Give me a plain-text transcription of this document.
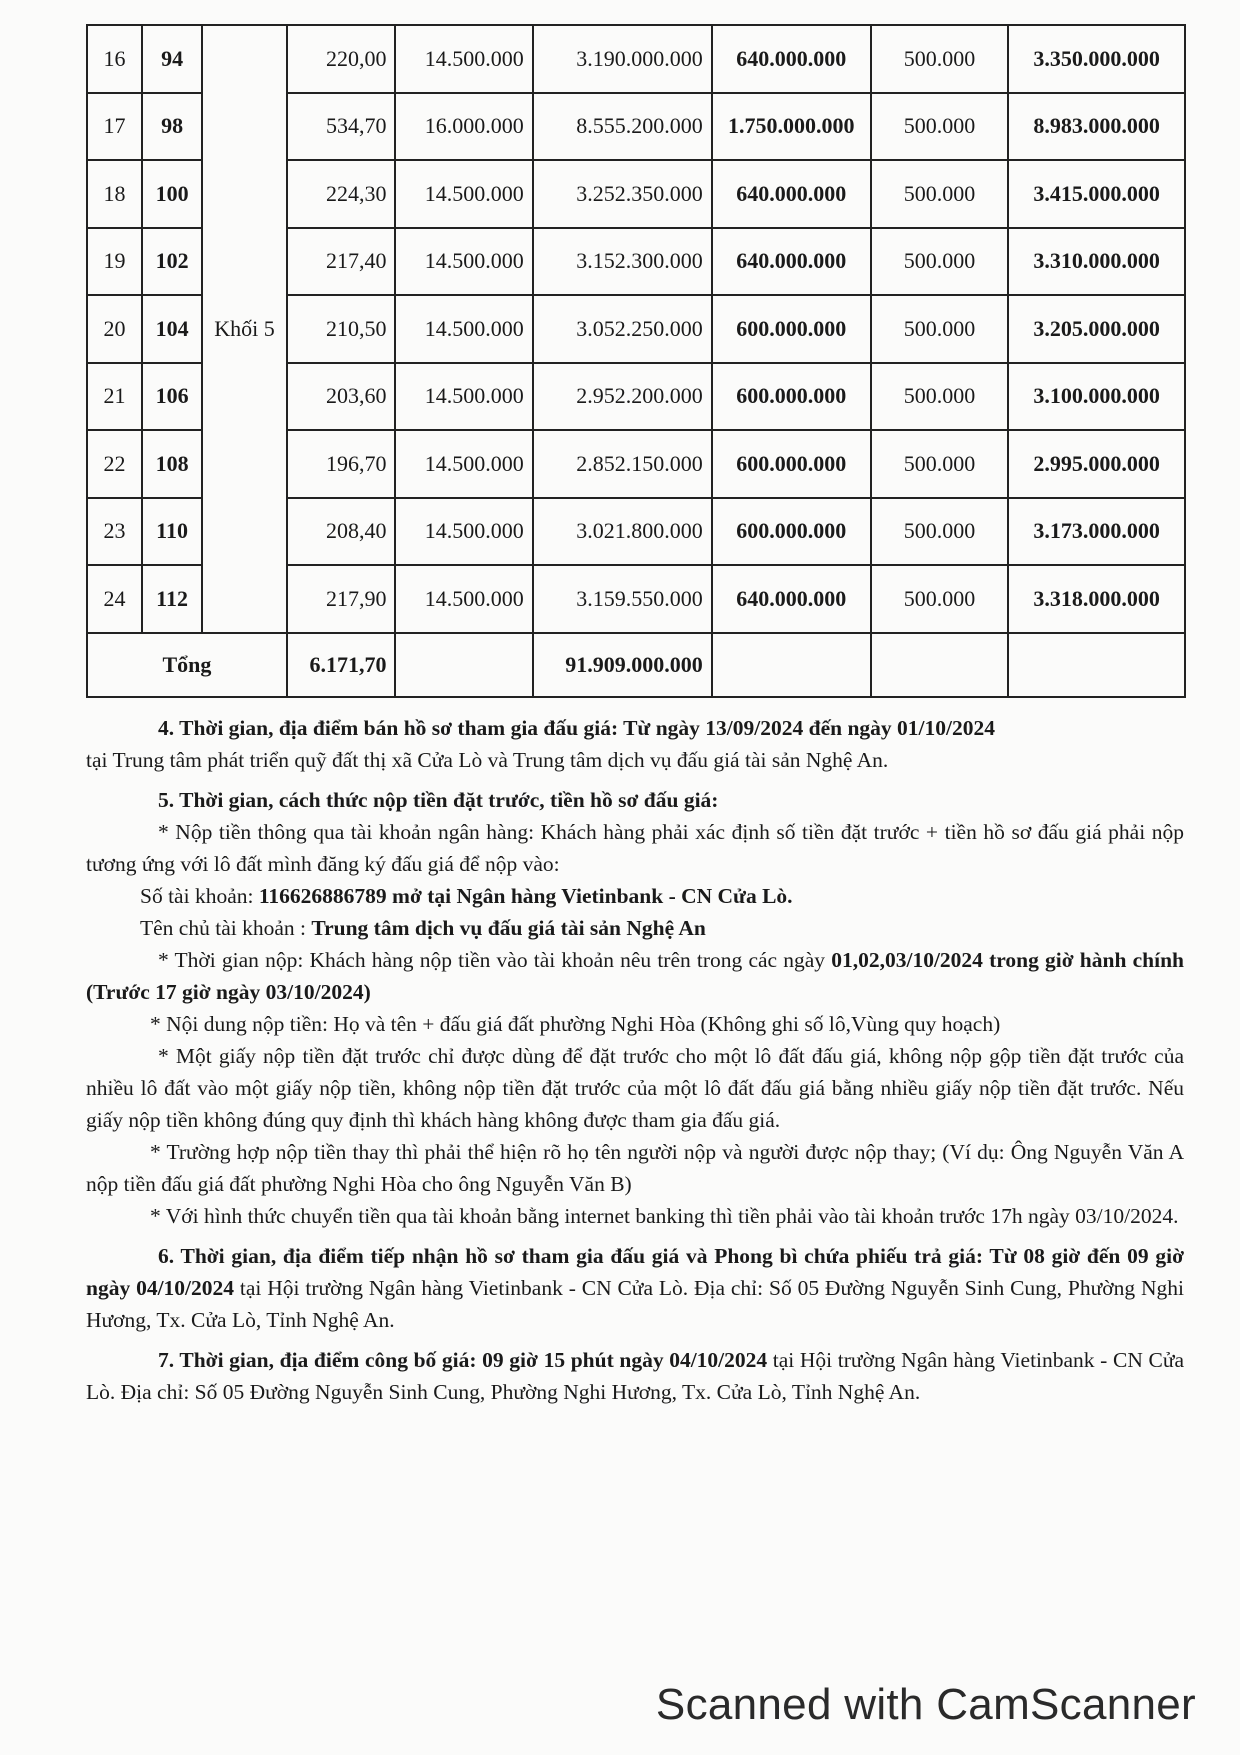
16	94	Khối 5	220,00	14.500.000	3.190.000.000	640.000.000	500.000	3.350.000.000
17	98		534,70	16.000.000	8.555.200.000	1.750.000.000	500.000	8.983.000.000
18	100		224,30	14.500.000	3.252.350.000	640.000.000	500.000	3.415.000.000
19	102		217,40	14.500.000	3.152.300.000	640.000.000	500.000	3.310.000.000
20	104		210,50	14.500.000	3.052.250.000	600.000.000	500.000	3.205.000.000
21	106		203,60	14.500.000	2.952.200.000	600.000.000	500.000	3.100.000.000
22	108		196,70	14.500.000	2.852.150.000	600.000.000	500.000	2.995.000.000
23	110		208,40	14.500.000	3.021.800.000	600.000.000	500.000	3.173.000.000
24	112		217,90	14.500.000	3.159.550.000	640.000.000	500.000	3.318.000.000
Tổng			6.171,70		91.909.000.000			

4. Thời gian, địa điểm bán hồ sơ tham gia đấu giá: Từ ngày 13/09/2024 đến ngày 01/10/2024

tại Trung tâm phát triển quỹ đất thị xã Cửa Lò và Trung tâm dịch vụ đấu giá tài sản Nghệ An.

5. Thời gian, cách thức nộp tiền đặt trước, tiền hồ sơ đấu giá:

* Nộp tiền thông qua tài khoản ngân hàng: Khách hàng phải xác định số tiền đặt trước + tiền hồ sơ đấu giá phải nộp tương ứng với lô đất mình đăng ký đấu giá để nộp vào:

Số tài khoản: 116626886789 mở tại Ngân hàng Vietinbank - CN Cửa Lò.

Tên chủ tài khoản : Trung tâm dịch vụ đấu giá tài sản Nghệ An

* Thời gian nộp: Khách hàng nộp tiền vào tài khoản nêu trên trong các ngày 01,02,03/10/2024 trong giờ hành chính (Trước 17 giờ ngày 03/10/2024)

* Nội dung nộp tiền: Họ và tên + đấu giá đất phường Nghi Hòa (Không ghi số lô,Vùng quy hoạch)

* Một giấy nộp tiền đặt trước chỉ được dùng để đặt trước cho một lô đất đấu giá, không nộp gộp tiền đặt trước của nhiều lô đất vào một giấy nộp tiền, không nộp tiền đặt trước của một lô đất đấu giá bằng nhiều giấy nộp tiền đặt trước. Nếu giấy nộp tiền không đúng quy định thì khách hàng không được tham gia đấu giá.

* Trường hợp nộp tiền thay thì phải thể hiện rõ họ tên người nộp và người được nộp thay; (Ví dụ: Ông Nguyễn Văn A nộp tiền đấu giá đất phường Nghi Hòa cho ông Nguyễn Văn B)

* Với hình thức chuyển tiền qua tài khoản bằng internet banking thì tiền phải vào tài khoản trước 17h ngày 03/10/2024.

6. Thời gian, địa điểm tiếp nhận hồ sơ tham gia đấu giá và Phong bì chứa phiếu trả giá: Từ 08 giờ đến 09 giờ ngày 04/10/2024 tại Hội trường Ngân hàng Vietinbank - CN Cửa Lò. Địa chỉ: Số 05 Đường Nguyễn Sinh Cung, Phường Nghi Hương, Tx. Cửa Lò, Tỉnh Nghệ An.

7. Thời gian, địa điểm công bố giá: 09 giờ 15 phút ngày 04/10/2024 tại Hội trường Ngân hàng Vietinbank - CN Cửa Lò. Địa chỉ: Số 05 Đường Nguyễn Sinh Cung, Phường Nghi Hương, Tx. Cửa Lò, Tỉnh Nghệ An.

Scanned with CamScanner
